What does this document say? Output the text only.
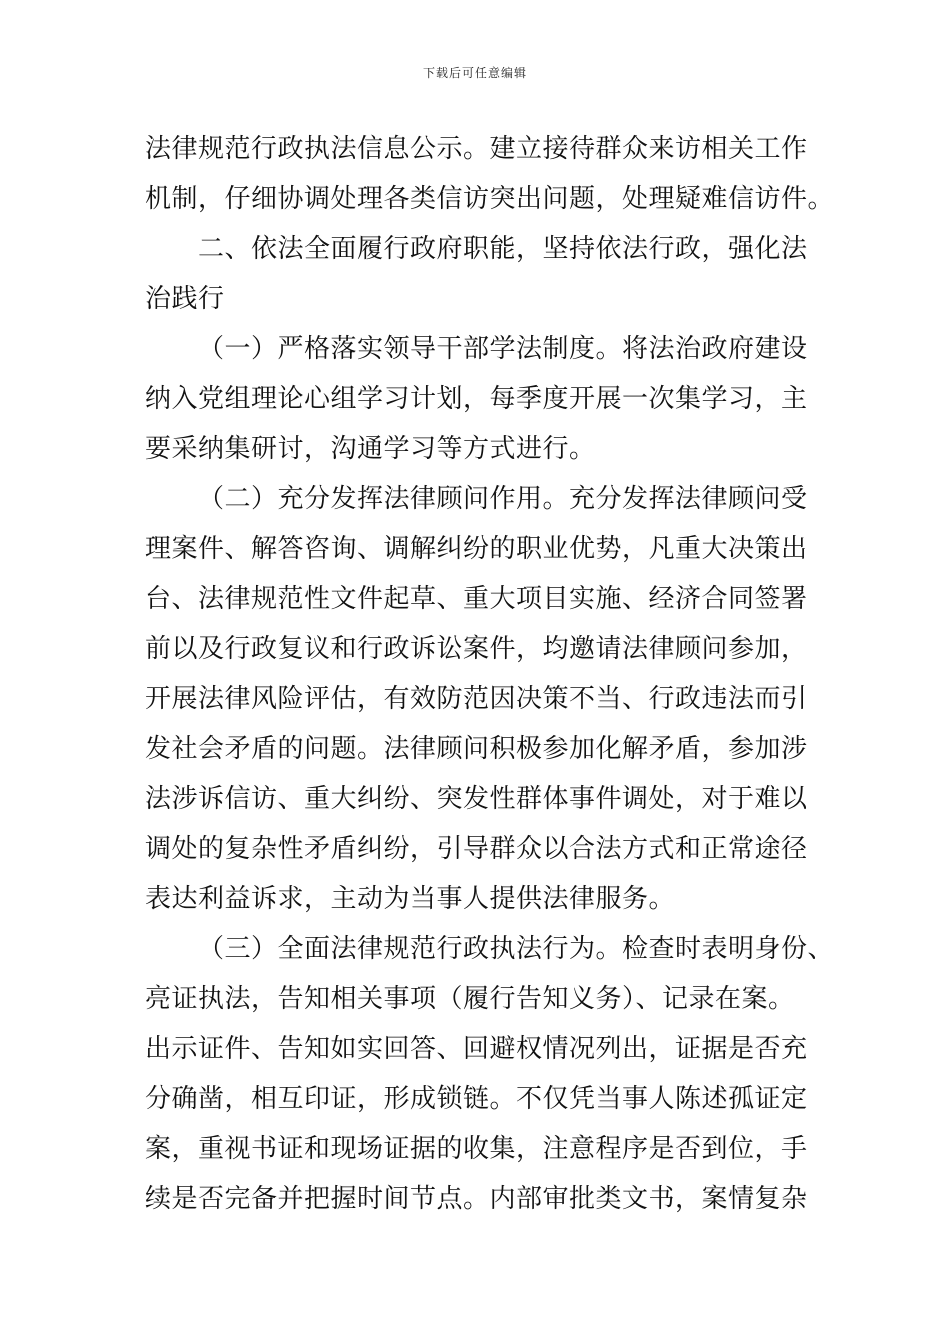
下载后可任意编辑
法律规范行政执法信息公示。建立接待群众来访相关工作
机制，仔细协调处理各类信访突出问题，处理疑难信访件。
二、依法全面履行政府职能，坚持依法行政，强化法
治践行
（一）严格落实领导干部学法制度。将法治政府建设
纳入党组理论心组学习计划，每季度开展一次集学习，主
要采纳集研讨，沟通学习等方式进行。
（二）充分发挥法律顾问作用。充分发挥法律顾问受
理案件、解答咨询、调解纠纷的职业优势，凡重大决策出
台、法律规范性文件起草、重大项目实施、经济合同签署
前以及行政复议和行政诉讼案件，均邀请法律顾问参加，
开展法律风险评估，有效防范因决策不当、行政违法而引
发社会矛盾的问题。法律顾问积极参加化解矛盾，参加涉
法涉诉信访、重大纠纷、突发性群体事件调处，对于难以
调处的复杂性矛盾纠纷，引导群众以合法方式和正常途径
表达利益诉求，主动为当事人提供法律服务。
（三）全面法律规范行政执法行为。检查时表明身份、
亮证执法，告知相关事项（履行告知义务）、记录在案。
出示证件、告知如实回答、回避权情况列出，证据是否充
分确凿，相互印证，形成锁链。不仅凭当事人陈述孤证定
案，重视书证和现场证据的收集，注意程序是否到位，手
续是否完备并把握时间节点。内部审批类文书，案情复杂
